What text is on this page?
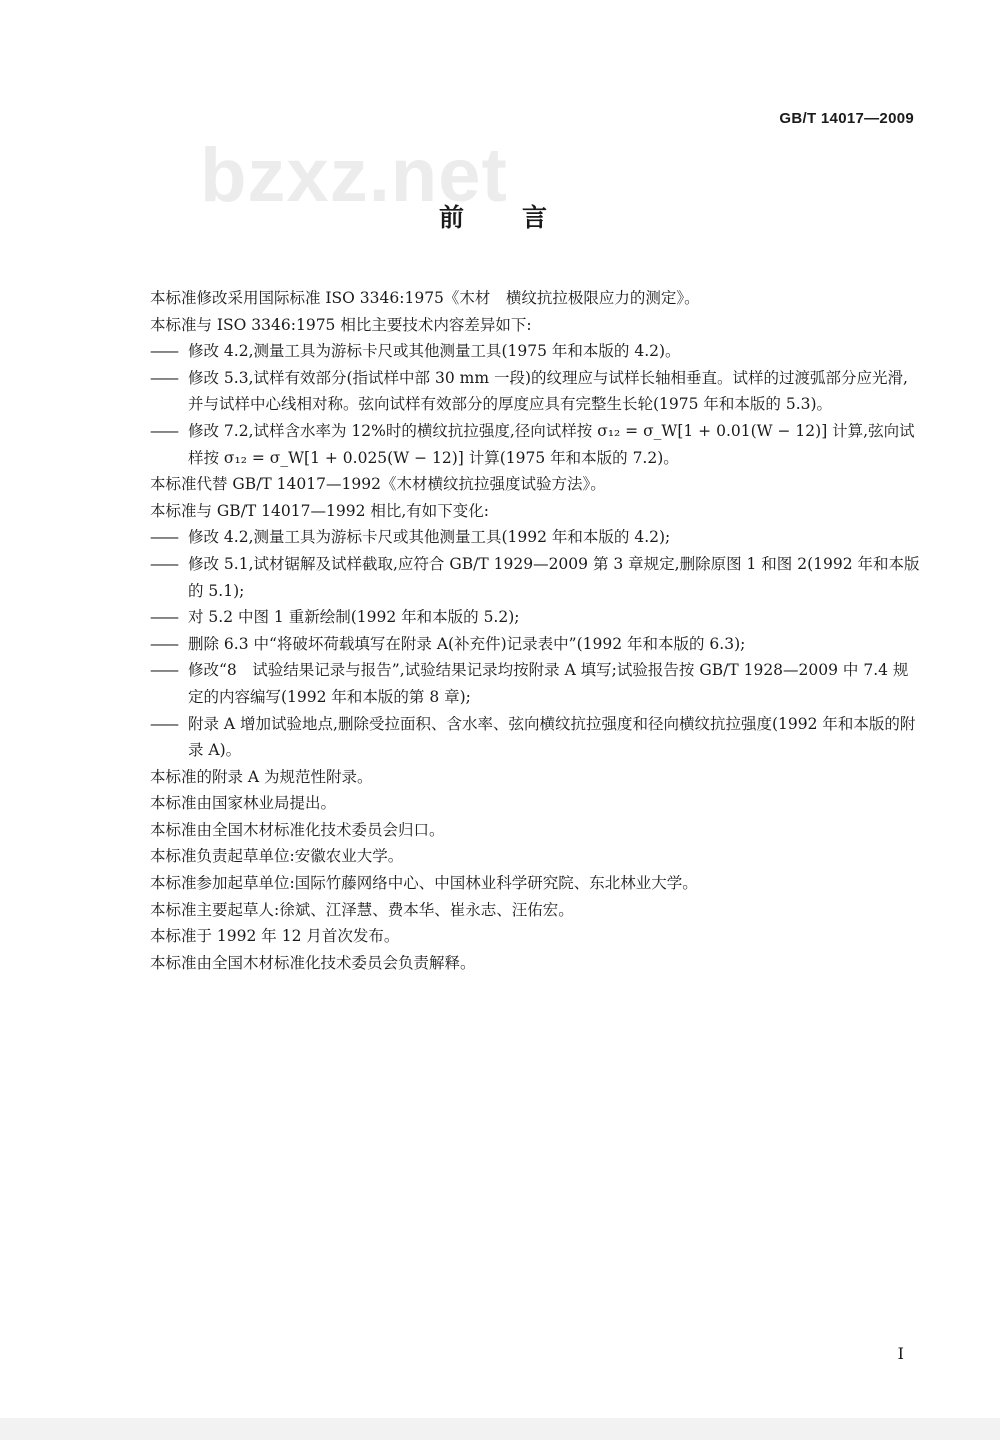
GB/T 14017—2009
bzxz.net
前言

本标准修改采用国际标准 ISO 3346:1975《木材　横纹抗拉极限应力的测定》。

本标准与 ISO 3346:1975 相比主要技术内容差异如下:

—— 修改 4.2,测量工具为游标卡尺或其他测量工具(1975 年和本版的 4.2)。

—— 修改 5.3,试样有效部分(指试样中部 30 mm 一段)的纹理应与试样长轴相垂直。试样的过渡弧部分应光滑,并与试样中心线相对称。弦向试样有效部分的厚度应具有完整生长轮(1975 年和本版的 5.3)。

—— 修改 7.2,试样含水率为 12%时的横纹抗拉强度,径向试样按 σ₁₂ = σ_W[1 + 0.01(W − 12)] 计算,弦向试样按 σ₁₂ = σ_W[1 + 0.025(W − 12)] 计算(1975 年和本版的 7.2)。

本标准代替 GB/T 14017—1992《木材横纹抗拉强度试验方法》。

本标准与 GB/T 14017—1992 相比,有如下变化:

—— 修改 4.2,测量工具为游标卡尺或其他测量工具(1992 年和本版的 4.2);

—— 修改 5.1,试材锯解及试样截取,应符合 GB/T 1929—2009 第 3 章规定,删除原图 1 和图 2(1992 年和本版的 5.1);

—— 对 5.2 中图 1 重新绘制(1992 年和本版的 5.2);

—— 删除 6.3 中“将破坏荷载填写在附录 A(补充件)记录表中”(1992 年和本版的 6.3);

—— 修改“8　试验结果记录与报告”,试验结果记录均按附录 A 填写;试验报告按 GB/T 1928—2009 中 7.4 规定的内容编写(1992 年和本版的第 8 章);

—— 附录 A 增加试验地点,删除受拉面积、含水率、弦向横纹抗拉强度和径向横纹抗拉强度(1992 年和本版的附录 A)。

本标准的附录 A 为规范性附录。

本标准由国家林业局提出。

本标准由全国木材标准化技术委员会归口。

本标准负责起草单位:安徽农业大学。

本标准参加起草单位:国际竹藤网络中心、中国林业科学研究院、东北林业大学。

本标准主要起草人:徐斌、江泽慧、费本华、崔永志、汪佑宏。

本标准于 1992 年 12 月首次发布。

本标准由全国木材标准化技术委员会负责解释。

I
